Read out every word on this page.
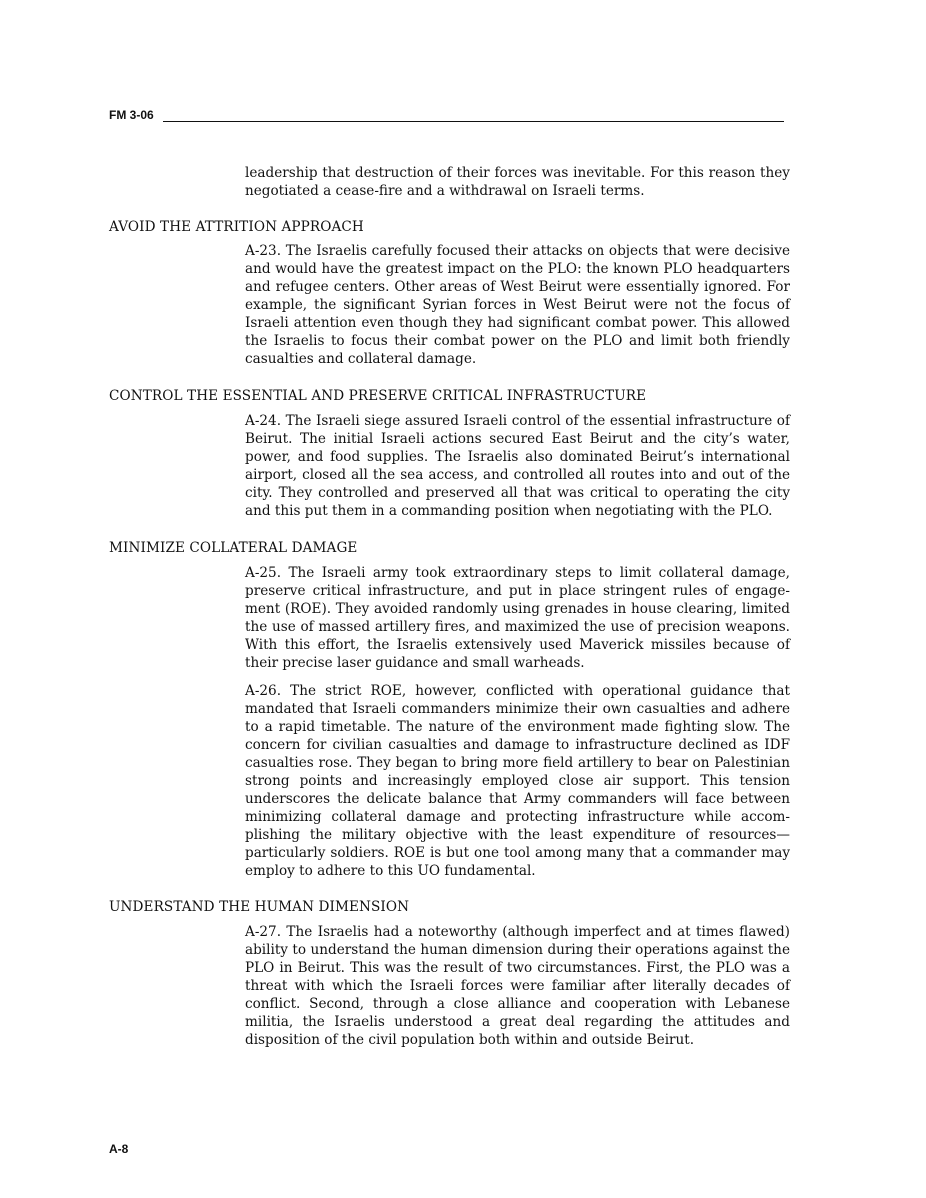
FM 3-06

leadership that destruction of their forces was inevitable. For this reason they negotiated a cease-fire and a withdrawal on Israeli terms.

AVOID THE ATTRITION APPROACH

A-23. The Israelis carefully focused their attacks on objects that were decisive and would have the greatest impact on the PLO: the known PLO headquarters and refugee centers. Other areas of West Beirut were essentially ignored. For example, the significant Syrian forces in West Beirut were not the focus of Israeli attention even though they had significant combat power. This allowed the Israelis to focus their combat power on the PLO and limit both friendly casualties and collateral damage.

CONTROL THE ESSENTIAL AND PRESERVE CRITICAL INFRASTRUCTURE

A-24. The Israeli siege assured Israeli control of the essential infrastructure of Beirut. The initial Israeli actions secured East Beirut and the city’s water, power, and food supplies. The Israelis also dominated Beirut’s international airport, closed all the sea access, and controlled all routes into and out of the city. They controlled and preserved all that was critical to operating the city and this put them in a commanding position when negotiating with the PLO.

MINIMIZE COLLATERAL DAMAGE

A-25. The Israeli army took extraordinary steps to limit collateral damage, preserve critical infrastructure, and put in place stringent rules of engagement (ROE). They avoided randomly using grenades in house clearing, limited the use of massed artillery fires, and maximized the use of precision weapons. With this effort, the Israelis extensively used Maverick missiles because of their precise laser guidance and small warheads.

A-26. The strict ROE, however, conflicted with operational guidance that mandated that Israeli commanders minimize their own casualties and adhere to a rapid timetable. The nature of the environment made fighting slow. The concern for civilian casualties and damage to infrastructure declined as IDF casualties rose. They began to bring more field artillery to bear on Palestinian strong points and increasingly employed close air support. This tension underscores the delicate balance that Army commanders will face between minimizing collateral damage and protecting infrastructure while accomplishing the military objective with the least expenditure of resources—particularly soldiers. ROE is but one tool among many that a commander may employ to adhere to this UO fundamental.

UNDERSTAND THE HUMAN DIMENSION

A-27. The Israelis had a noteworthy (although imperfect and at times flawed) ability to understand the human dimension during their operations against the PLO in Beirut. This was the result of two circumstances. First, the PLO was a threat with which the Israeli forces were familiar after literally decades of conflict. Second, through a close alliance and cooperation with Lebanese militia, the Israelis understood a great deal regarding the attitudes and disposition of the civil population both within and outside Beirut.

A-8
